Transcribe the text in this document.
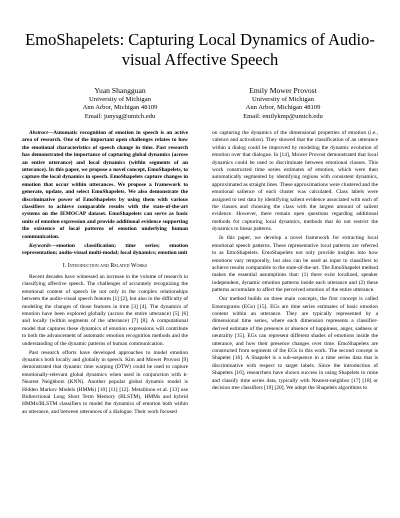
EmoShapelets: Capturing Local Dynamics of Audio-visual Affective Speech
Yuan Shangguan
University of Michigan
Ann Arbor, Michigan 48109
Email: junysg@umich.edu
Emily Mower Provost
University of Michigan
Ann Arbor, Michigan 48109
Email: emilykmp@umich.edu

Abstract—Automatic recognition of emotion in speech is an active area of research. One of the important open challenges relates to how the emotional characteristics of speech change in time. Past research has demonstrated the importance of capturing global dynamics (across an entire utterance) and local dynamics (within segments of an utterance). In this paper, we propose a novel concept, EmoShapelets, to capture the local dynamics in speech. EmoShapelets capture changes in emotion that occur within utterances. We propose a framework to generate, update, and select EmoShapelets. We also demonstrate the discriminative power of EmoShapelets by using them with various classifiers to achieve comparable results with the state-of-the-art systems on the IEMOCAP dataset. EmoShapelets can serve as basic units of emotion expression and provide additional evidence supporting the existence of local patterns of emotion underlying human communication.

Keywords—emotion classification; time series; emotion representation; audio-visual multi-modal; local dynamics; emotion unit

I. Introduction and Related Works

Recent decades have witnessed an increase in the volume of research in classifying affective speech. The challenges of accurately recognizing the emotional content of speech lie not only in the complex relationships between the audio-visual speech features [1] [2], but also in the difficulty of modeling the changes of those features in time [3] [4]. The dynamics of emotion have been explored globally (across the entire utterance) [5] [6] and locally (within segments of the utterance) [7] [8]. A computational model that captures these dynamics of emotion expressions will contribute to both the advancement of automatic emotion recognition methods and the understanding of the dynamic patterns of human communication.

Past research efforts have developed approaches to model emotion dynamics both locally and globally in speech. Kim and Mower Provost [9] demonstrated that dynamic time warping (DTW) could be used to capture emotionally-relevant global dynamics when used in conjunction with k-Nearest Neighbors (KNN). Another popular global dynamic model is Hidden Markov Models (HMMs) [10] [11] [12]. Metallinou et al. [13] use Bidirectional Long Short Term Memory (BLSTM), HMMs and hybrid HMMs/BLSTM classifiers to model the dynamics of emotion both within an utterance, and between utterances of a dialogue. Their work focused

on capturing the dynamics of the dimensional properties of emotion (i.e., valence and activation). They showed that the classification of an utterance within a dialog could be improved by modeling the dynamic evolution of emotion over that dialogue. In [14], Mower Provost demonstrated that local dynamics could be used to discriminate between emotional classes. This work constructed time series estimates of emotion, which were then automatically segmented by identifying regions with consistent dynamics, approximated as straight lines. These approximations were clustered and the emotional salience of each cluster was calculated. Class labels were assigned to test data by identifying salient evidence associated with each of the classes and choosing the class with the largest amount of salient evidence. However, there remain open questions regarding additional methods for capturing local dynamics, methods that do not restrict the dynamics to linear patterns.

In this paper, we develop a novel framework for extracting local emotional speech patterns. These representative local patterns are referred to as EmoShapelets. EmoShapelets not only provide insights into how emotions vary temporally, but also can be used as input to classifiers to achieve results comparable to the state-of-the-art. The EmoShapelet method makes the essential assumptions that: (1) there exist localized, speaker independent, dynamic emotion patterns inside each utterance and (2) these patterns accumulate to affect the perceived emotion of the entire utterance.

Our method builds on three main concepts, the first concept is called Emotograms (EGs) [15]. EGs are time series estimates of basic emotion content within an utterance. They are typically represented by a dimensional time series, where each dimension represents a classifier-derived estimate of the presence or absence of happiness, anger, sadness or neutrality [15]. EGs can represent different shades of emotions inside the utterance, and how their presence changes over time. EmoShapelets are constructed from segments of the EGs in this work. The second concept is Shapelet [16]. A Shapelet is a sub-sequence in a time series data that is discriminative with respect to target labels. Since the introduction of Shapelets [16], researchers have shown success in using Shapelets to mine and classify time series data, typically with Nearest-neighbor [17] [18] or decision tree classifiers [19] [20]. We adopt the Shapelets algorithms to
